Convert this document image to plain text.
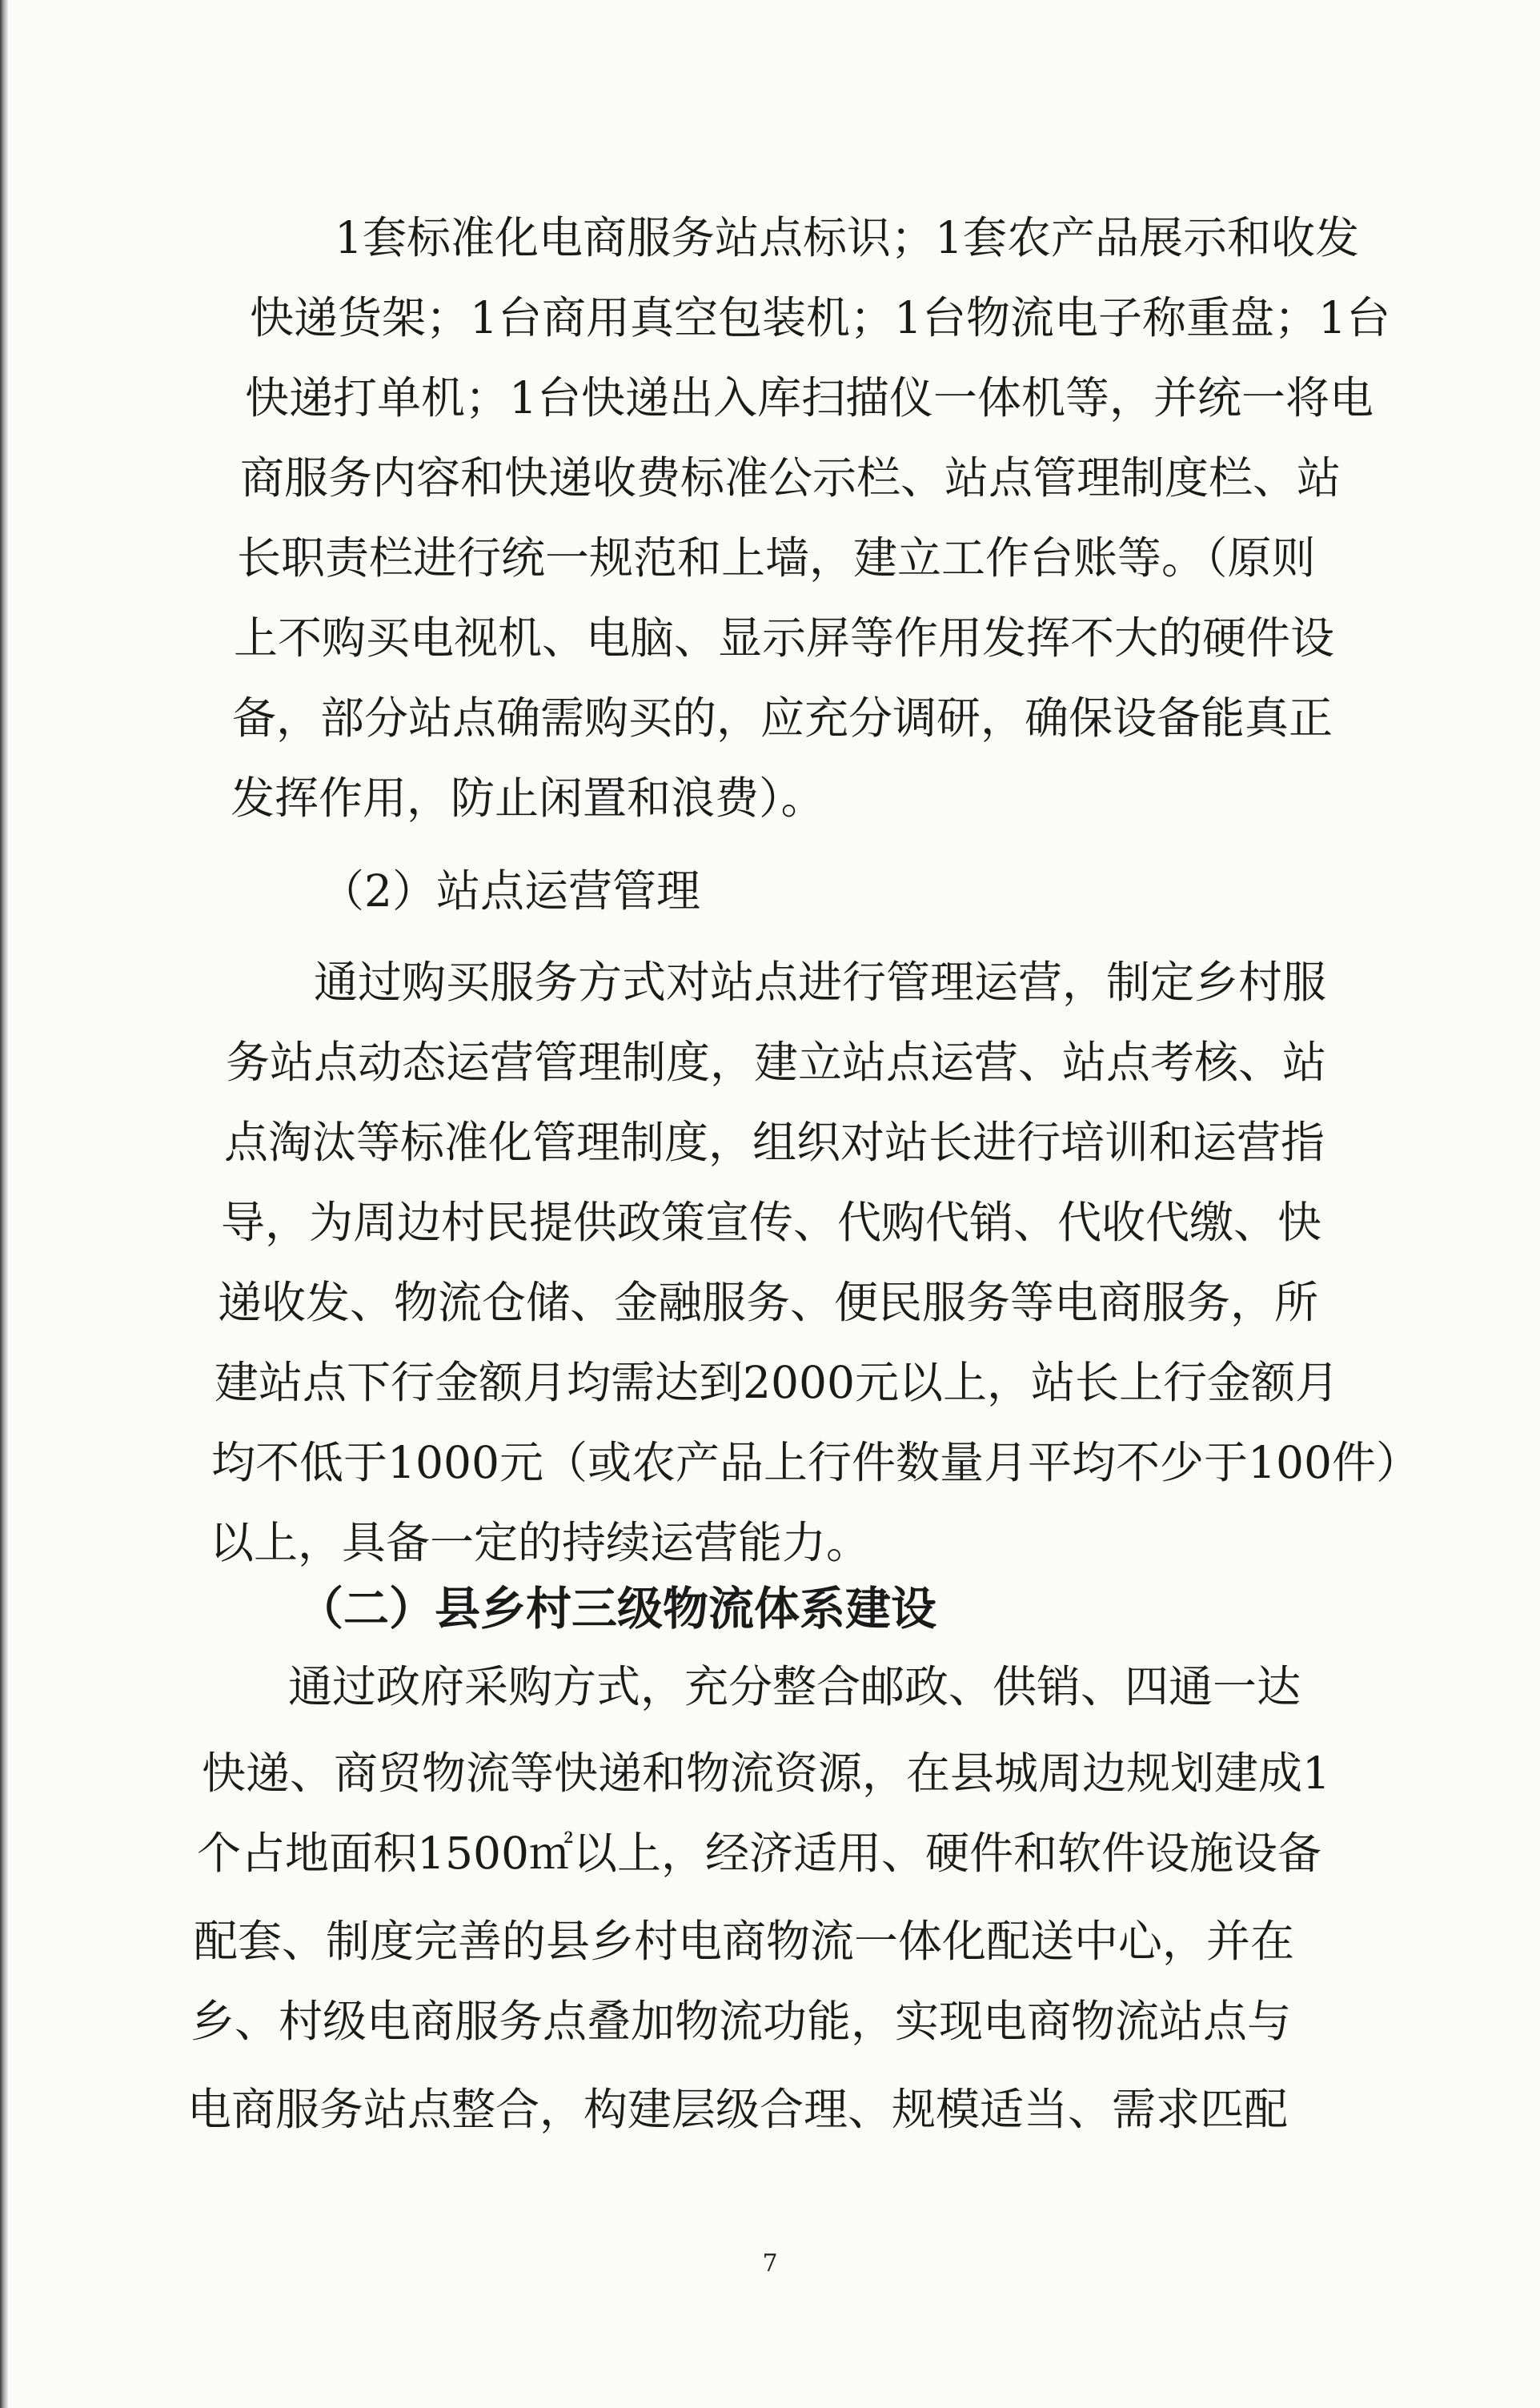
1套标准化电商服务站点标识；1套农产品展示和收发
快递货架；1台商用真空包装机；1台物流电子称重盘；1台
快递打单机；1台快递出入库扫描仪一体机等，并统一将电
商服务内容和快递收费标准公示栏、站点管理制度栏、站
长职责栏进行统一规范和上墙，建立工作台账等。（原则
上不购买电视机、电脑、显示屏等作用发挥不大的硬件设
备，部分站点确需购买的，应充分调研，确保设备能真正
发挥作用，防止闲置和浪费）。
（2）站点运营管理
通过购买服务方式对站点进行管理运营，制定乡村服
务站点动态运营管理制度，建立站点运营、站点考核、站
点淘汰等标准化管理制度，组织对站长进行培训和运营指
导，为周边村民提供政策宣传、代购代销、代收代缴、快
递收发、物流仓储、金融服务、便民服务等电商服务，所
建站点下行金额月均需达到2000元以上，站长上行金额月
均不低于1000元（或农产品上行件数量月平均不少于100件）
以上，具备一定的持续运营能力。
（二）县乡村三级物流体系建设
通过政府采购方式，充分整合邮政、供销、四通一达
快递、商贸物流等快递和物流资源，在县城周边规划建成1
个占地面积1500㎡以上，经济适用、硬件和软件设施设备
配套、制度完善的县乡村电商物流一体化配送中心，并在
乡、村级电商服务点叠加物流功能，实现电商物流站点与
电商服务站点整合，构建层级合理、规模适当、需求匹配
7
